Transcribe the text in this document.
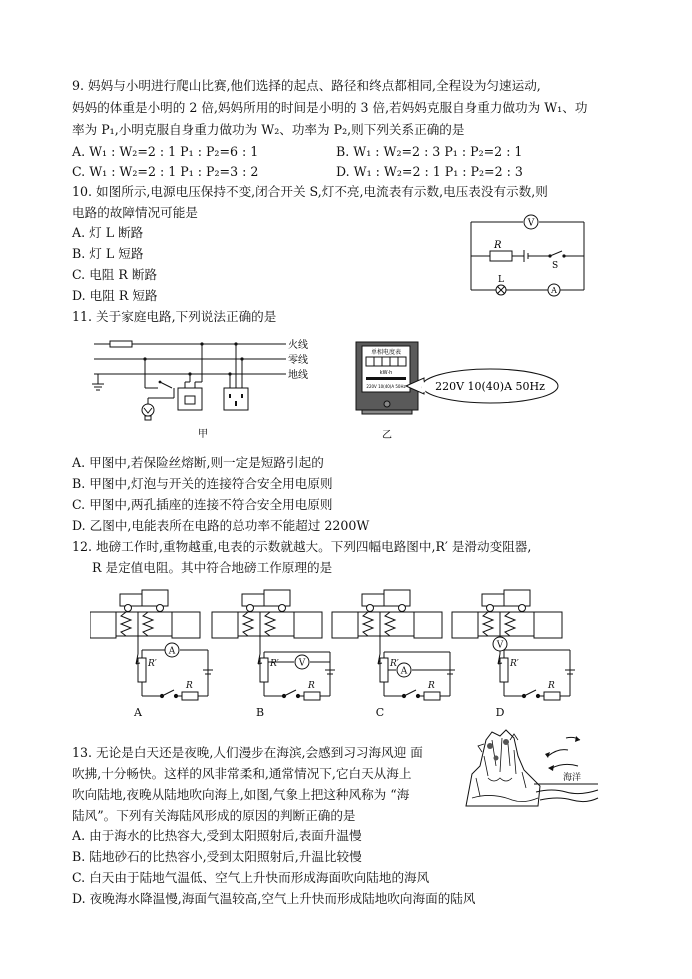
9. 妈妈与小明进行爬山比赛,他们选择的起点、路径和终点都相同,全程设为匀速运动,
妈妈的体重是小明的 2 倍,妈妈所用的时间是小明的 3 倍,若妈妈克服自身重力做功为 W₁、功
率为 P₁,小明克服自身重力做功为 W₂、功率为 P₂,则下列关系正确的是
A. W₁ : W₂=2 : 1 P₁ : P₂=6 : 1	B. W₁ : W₂=2 : 3 P₁ : P₂=2 : 1
C. W₁ : W₂=2 : 1 P₁ : P₂=3 : 2	D. W₁ : W₂=2 : 1 P₁ : P₂=2 : 3
10. 如图所示,电源电压保持不变,闭合开关 S,灯不亮,电流表有示数,电压表没有示数,则
电路的故障情况可能是
A. 灯 L 断路
B. 灯 L 短路
C. 电阻 R 断路
D. 电阻 R 短路
V
R
S
L
A
11. 关于家庭电路,下列说法正确的是
火线
零线
地线
甲
单相电度表
kW·h
220V 10(40)A 50Hz	220V 10(40)A 50Hz
乙
A. 甲图中,若保险丝熔断,则一定是短路引起的
B. 甲图中,灯泡与开关的连接符合安全用电原则
C. 甲图中,两孔插座的连接不符合安全用电原则
D. 乙图中,电能表所在电路的总功率不能超过 2200W
12. 地磅工作时,重物越重,电表的示数就越大。下列四幅电路图中,R′ 是滑动变阻器,
R 是定值电阻。其中符合地磅工作原理的是
A
R′
R
A
V
R′
R
B
A
R′
R
C
V
R′
R
D
13. 无论是白天还是夜晚,人们漫步在海滨,会感到习习海风迎 面
吹拂,十分畅快。这样的风非常柔和,通常情况下,它白天从海上
吹向陆地,夜晚从陆地吹向海上,如图,气象上把这种风称为 “海
陆风”。下列有关海陆风形成的原因的判断正确的是
A. 由于海水的比热容大,受到太阳照射后,表面升温慢
B. 陆地砂石的比热容小,受到太阳照射后,升温比较慢
C. 白天由于陆地气温低、空气上升快而形成海面吹向陆地的海风
D. 夜晚海水降温慢,海面气温较高,空气上升快而形成陆地吹向海面的陆风
海洋
